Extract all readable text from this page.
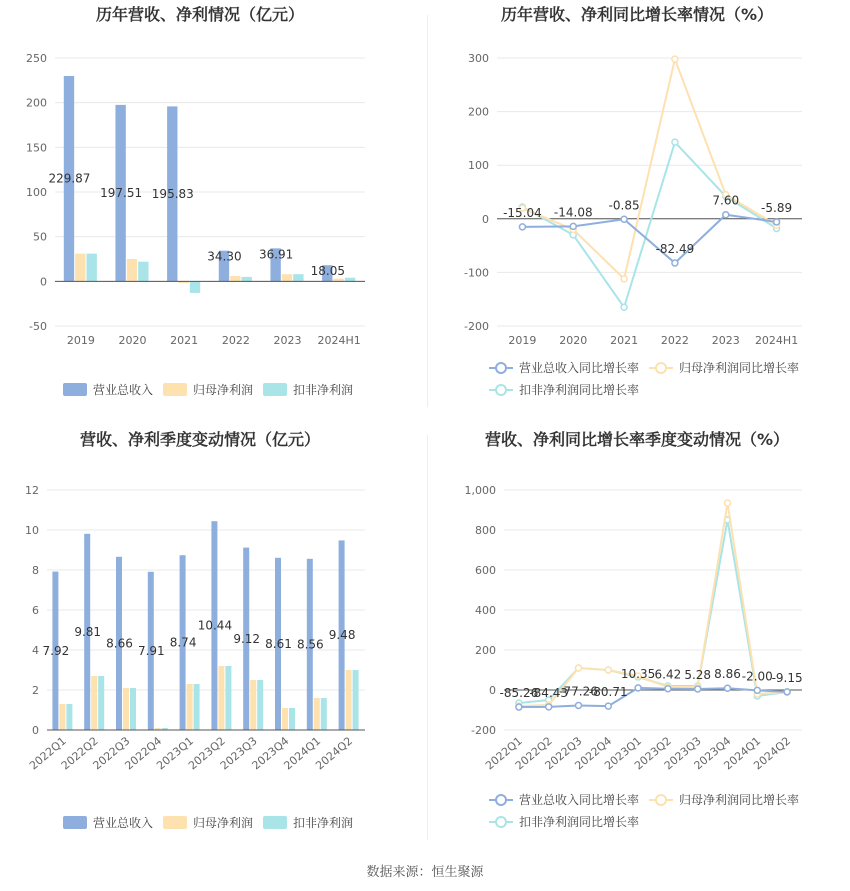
历年营收、净利情况（亿元）
-50
0
50
100
150
200
250
2019 2020 2021 2022 2023 2024H1
229.87
197.51 195.83
34.30 36.91
18.05
营业总收入	归母净利润	扣非净利润
历年营收、净利同比增长率情况（%）
-200
-100
0
100
200
300
2019 2020 2021 2022 2023 2024H1
-15.04 -14.08
-0.85
-82.49
7.60
-5.89
营业总收入同比增长率	归母净利润同比增长率
扣非净利润同比增长率
营收、净利季度变动情况（亿元）
0
2
4
6
8
10
12
2022Q1
2022Q2
2022Q3
2022Q4
2023Q1
2023Q2
2023Q3
2023Q4
2024Q1
2024Q2
7.92
9.81
8.66
7.91
8.74
10.44
9.12 8.61 8.56
9.48
营业总收入	归母净利润	扣非净利润
营收、净利同比增长率季度变动情况（%）
-200
0
200
400
600
800
1,000
2022Q1
2022Q2
2022Q3
2022Q4
2023Q1
2023Q2
2023Q3
2023Q4
2024Q1
2024Q2
-85.26
-84.43
-77.26
-80.71
10.35 6.42 5.28 8.86 -2.00
-9.15
营业总收入同比增长率	归母净利润同比增长率
扣非净利润同比增长率
数据来源：恒生聚源
